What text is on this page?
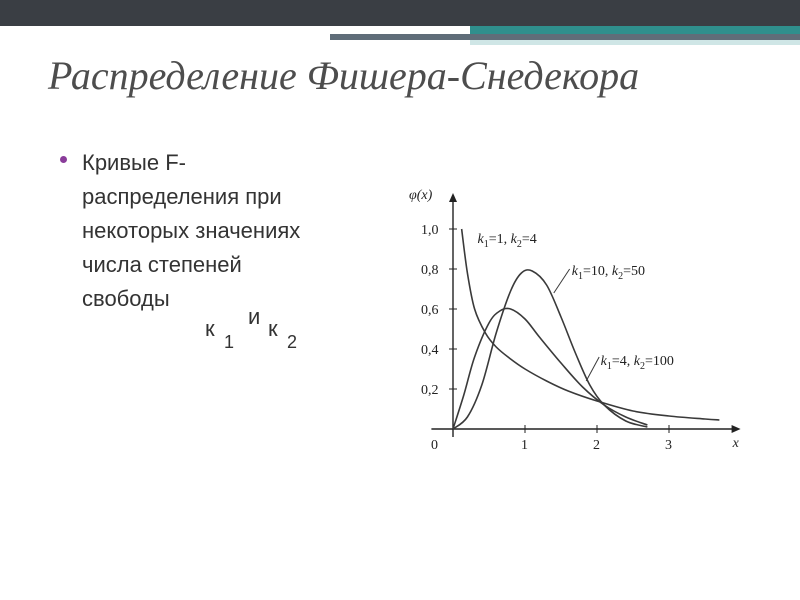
Распределение Фишера-Снедекора
Кривые F-
распределения при
некоторых значениях
числа степеней
свободы
к
1
и к
2
φ(x)
x
0	1	2	3
0,2
0,4
0,6
0,8
1,0
$k_1=1$, $k_2=4$
$k_1=10$, $k_2=50$
$k_1=4$, $k_2=100$
